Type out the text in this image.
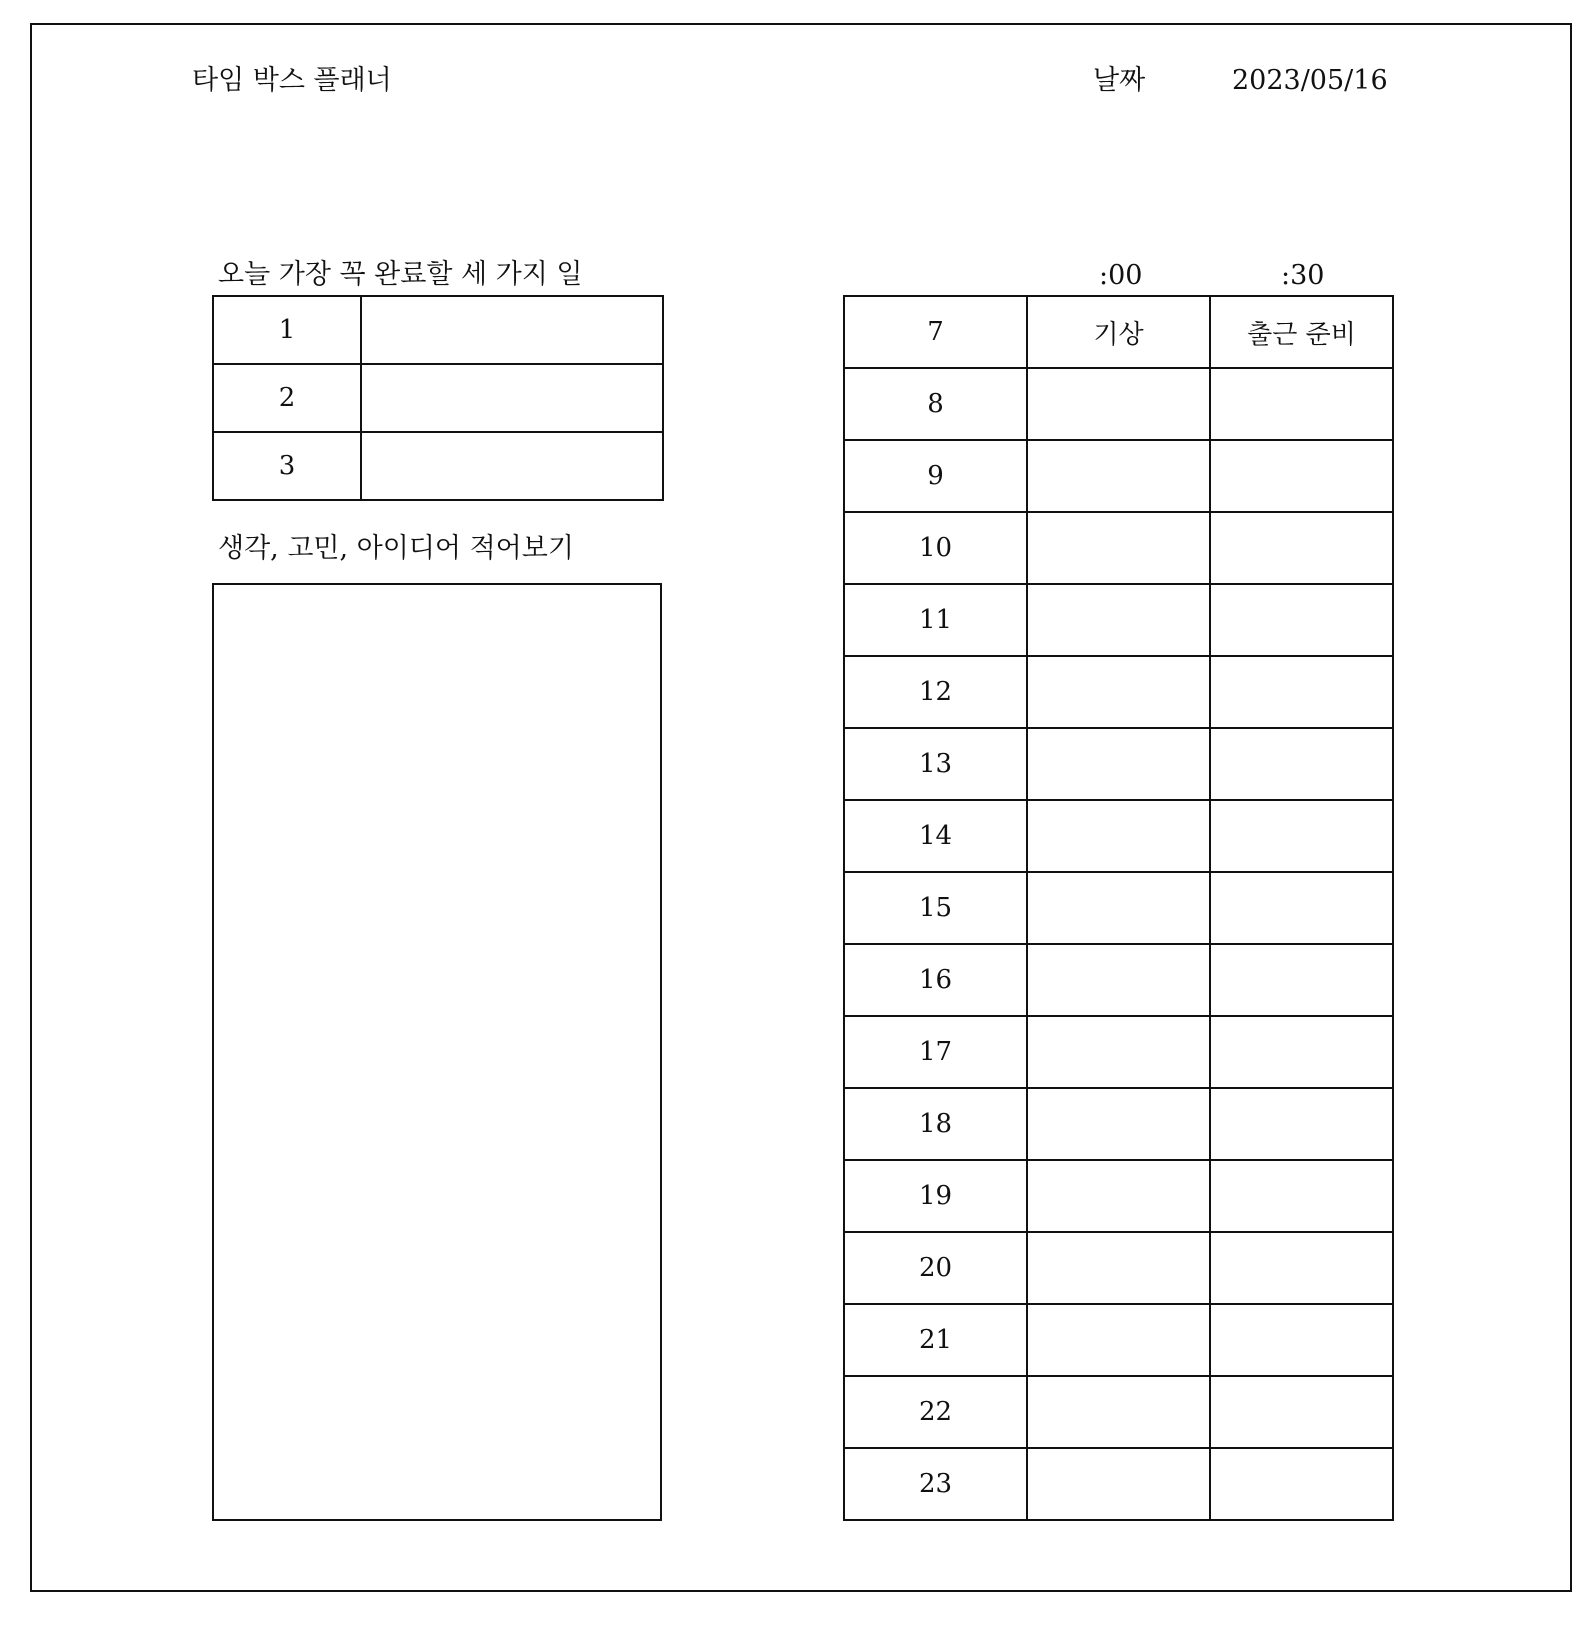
타임 박스 플래너	날짜	2023/05/16
오늘 가장 꼭 완료할 세 가지 일
1	
2	
3	
생각, 고민, 아이디어 적어보기
:00	:30
7	기상	출근 준비
8		
9		
10		
11		
12		
13		
14		
15		
16		
17		
18		
19		
20		
21		
22		
23		
